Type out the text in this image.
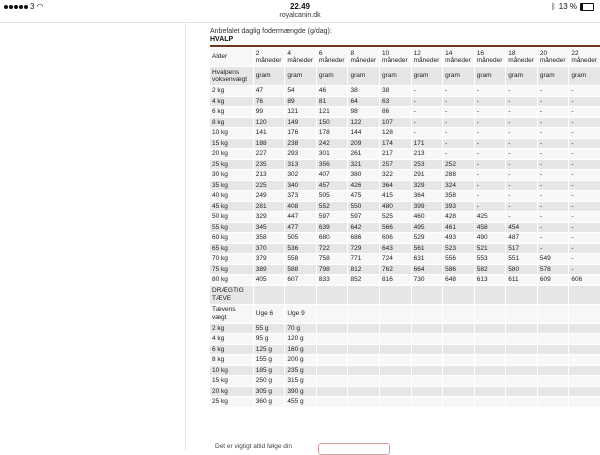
3 ◠	22.49	ᛒ 13 %
royalcanin.dk
Anbefalet daglig fodermængde (g/dag):
HVALP
Alder	2 måneder	4 måneder	6 måneder	8 måneder	10 måneder	12 måneder	14 måneder	16 måneder	18 måneder	20 måneder	22 måneder
Hvalpens voksenvægt	gram	gram	gram	gram	gram	gram	gram	gram	gram	gram	gram
2 kg	47	54	46	38	38	-	-	-	-	-	-
4 kg	76	89	81	64	63	-	-	-	-	-	-
6 kg	99	121	121	98	86	-	-	-	-	-	-
8 kg	120	149	150	122	107	-	-	-	-	-	-
10 kg	141	176	178	144	128	-	-	-	-	-	-
15 kg	188	238	242	209	174	171	-	-	-	-	-
20 kg	227	293	301	261	217	213	-	-	-	-	-
25 kg	235	313	356	321	257	253	252	-	-	-	-
30 kg	213	302	407	380	322	291	288	-	-	-	-
35 kg	225	340	457	426	364	329	324	-	-	-	-
40 kg	249	373	505	475	415	364	358	-	-	-	-
45 kg	281	408	552	550	480	399	393	-	-	-	-
50 kg	329	447	597	597	525	460	428	425	-	-	-
55 kg	345	477	639	642	566	495	461	458	454	-	-
60 kg	358	505	680	686	606	529	493	490	487	-	-
65 kg	370	536	722	729	643	561	523	521	517	-	-
70 kg	379	558	758	771	724	631	556	553	551	549	-
75 kg	389	588	798	812	762	664	586	582	580	578	-
80 kg	405	607	833	852	816	730	648	613	611	609	606
DRÆGTIG TÆVE											
Tævens vægt	Uge 6	Uge 9									
2 kg	55 g	70 g									
4 kg	95 g	120 g									
6 kg	125 g	160 g									
8 kg	155 g	200 g									
10 kg	185 g	235 g									
15 kg	250 g	315 g									
20 kg	305 g	390 g									
25 kg	360 g	455 g									
Det er vigtigt altid følge din
